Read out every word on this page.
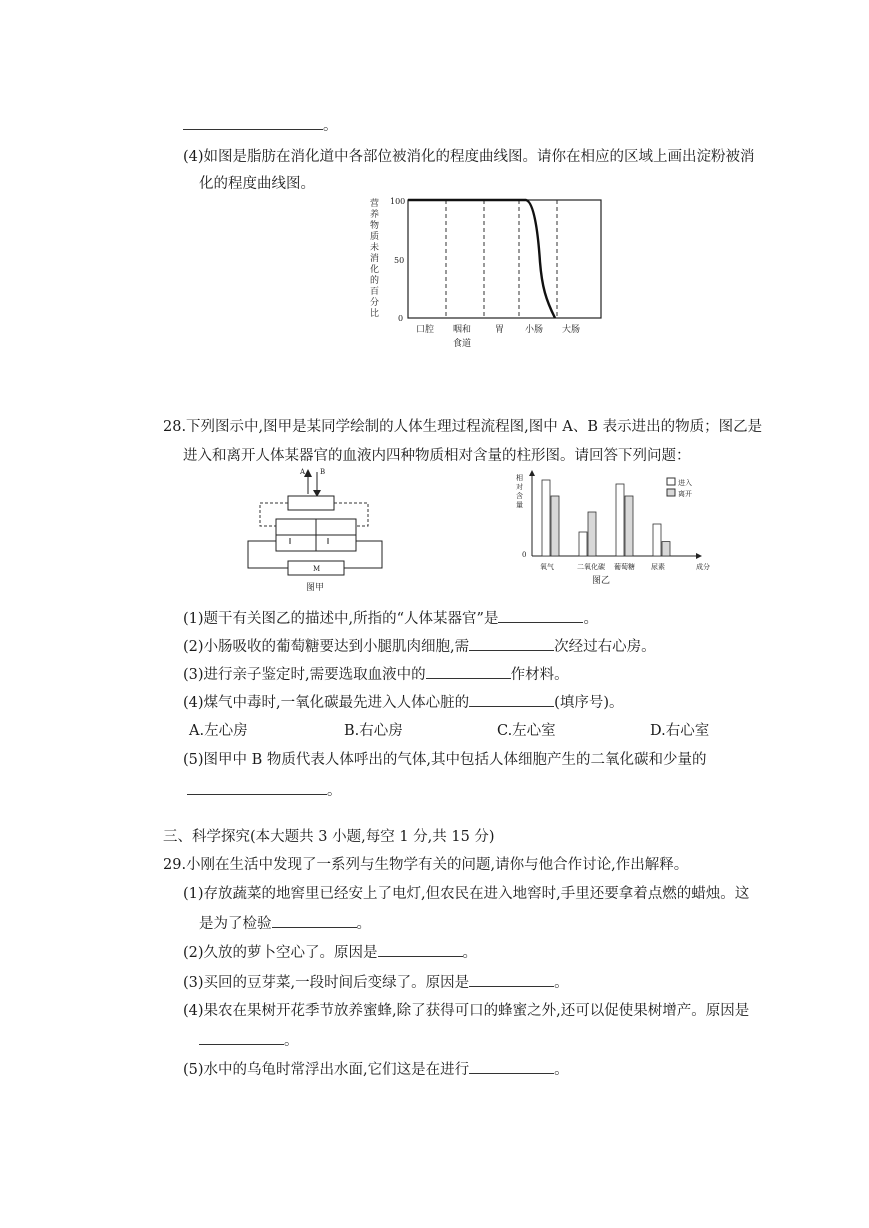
。
(4)如图是脂肪在消化道中各部位被消化的程度曲线图。请你在相应的区域上画出淀粉被消
化的程度曲线图。
营养物质未消化的百分比
100
50
0
口腔 咽和
食道
胃 小肠 大肠
28.下列图示中,图甲是某同学绘制的人体生理过程流程图,图中 A、B 表示进出的物质；图乙是
进入和离开人体某器官的血液内四种物质相对含量的柱形图。请回答下列问题：
A B
M
图甲
相对含量
0
成分
进入
离开
图乙
氧气	二氧化碳 葡萄糖 尿素
(1)题干有关图乙的描述中,所指的“人体某器官”是	。
(2)小肠吸收的葡萄糖要达到小腿肌肉细胞,需	次经过右心房。
(3)进行亲子鉴定时,需要选取血液中的	作材料。
(4)煤气中毒时,一氧化碳最先进入人体心脏的	(填序号)。
A.左心房	B.右心房	C.左心室	D.右心室
(5)图甲中 B 物质代表人体呼出的气体,其中包括人体细胞产生的二氧化碳和少量的
。
三、科学探究(本大题共 3 小题,每空 1 分,共 15 分)
29.小刚在生活中发现了一系列与生物学有关的问题,请你与他合作讨论,作出解释。
(1)存放蔬菜的地窖里已经安上了电灯,但农民在进入地窖时,手里还要拿着点燃的蜡烛。这
是为了检验	。
(2)久放的萝卜空心了。原因是	。
(3)买回的豆芽菜,一段时间后变绿了。原因是	。
(4)果农在果树开花季节放养蜜蜂,除了获得可口的蜂蜜之外,还可以促使果树增产。原因是
。
(5)水中的乌龟时常浮出水面,它们这是在进行	。
